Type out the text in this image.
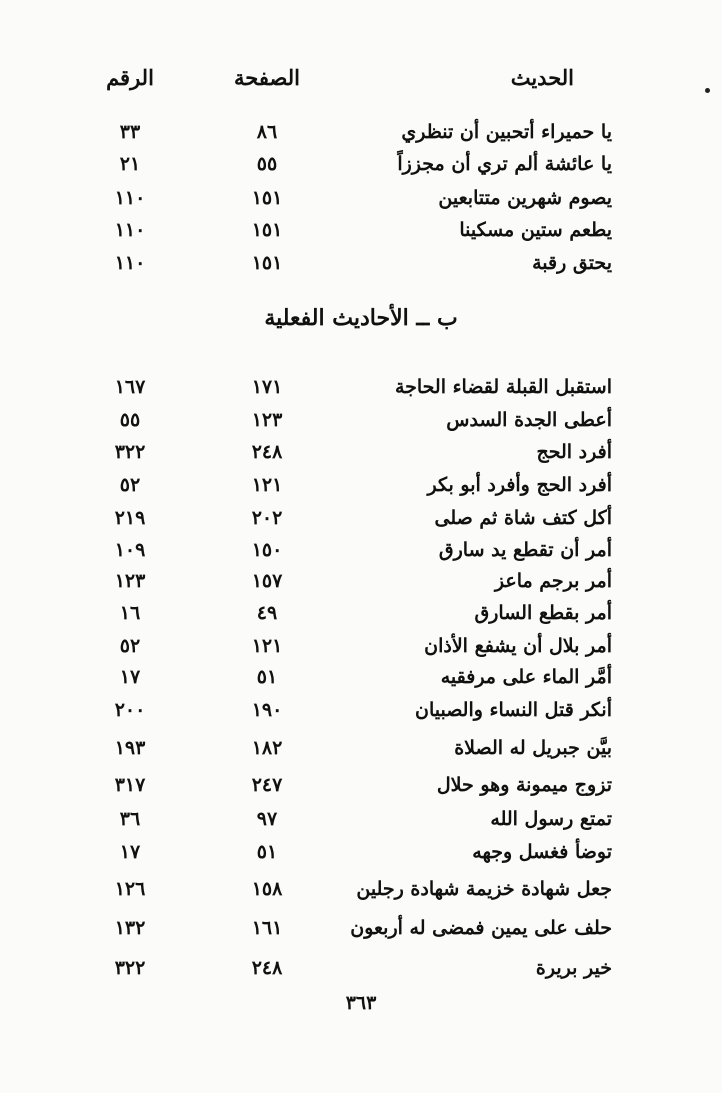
الحديث
الصفحة
الرقم
يا حميراء أتحبين أن تنظري
٨٦
٣٣
يا عائشة ألم تري أن مجززاً
٥٥
٢١
يصوم شهرين متتابعين
١٥١
١١٠
يطعم ستين مسكينا
١٥١
١١٠
يحتق رقبة
١٥١
١١٠
ب ــ الأحاديث الفعلية
استقبل القبلة لقضاء الحاجة
١٧١
١٦٧
أعطى الجدة السدس
١٢٣
٥٥
أفرد الحج
٢٤٨
٣٢٢
أفرد الحج وأفرد أبو بكر
١٢١
٥٢
أكل كتف شاة ثم صلى
٢٠٢
٢١٩
أمر أن تقطع يد سارق
١٥٠
١٠٩
أمر برجم ماعز
١٥٧
١٢٣
أمر بقطع السارق
٤٩
١٦
أمر بلال أن يشفع الأذان
١٢١
٥٢
أمَّر الماء على مرفقيه
٥١
١٧
أنكر قتل النساء والصبيان
١٩٠
٢٠٠
بيَّن جبريل له الصلاة
١٨٢
١٩٣
تزوج ميمونة وهو حلال
٢٤٧
٣١٧
تمتع رسول الله
٩٧
٣٦
توضأ فغسل وجهه
٥١
١٧
جعل شهادة خزيمة شهادة رجلين
١٥٨
١٢٦
حلف على يمين فمضى له أربعون
١٦١
١٣٢
خير بريرة
٢٤٨
٣٢٢
٣٦٣
